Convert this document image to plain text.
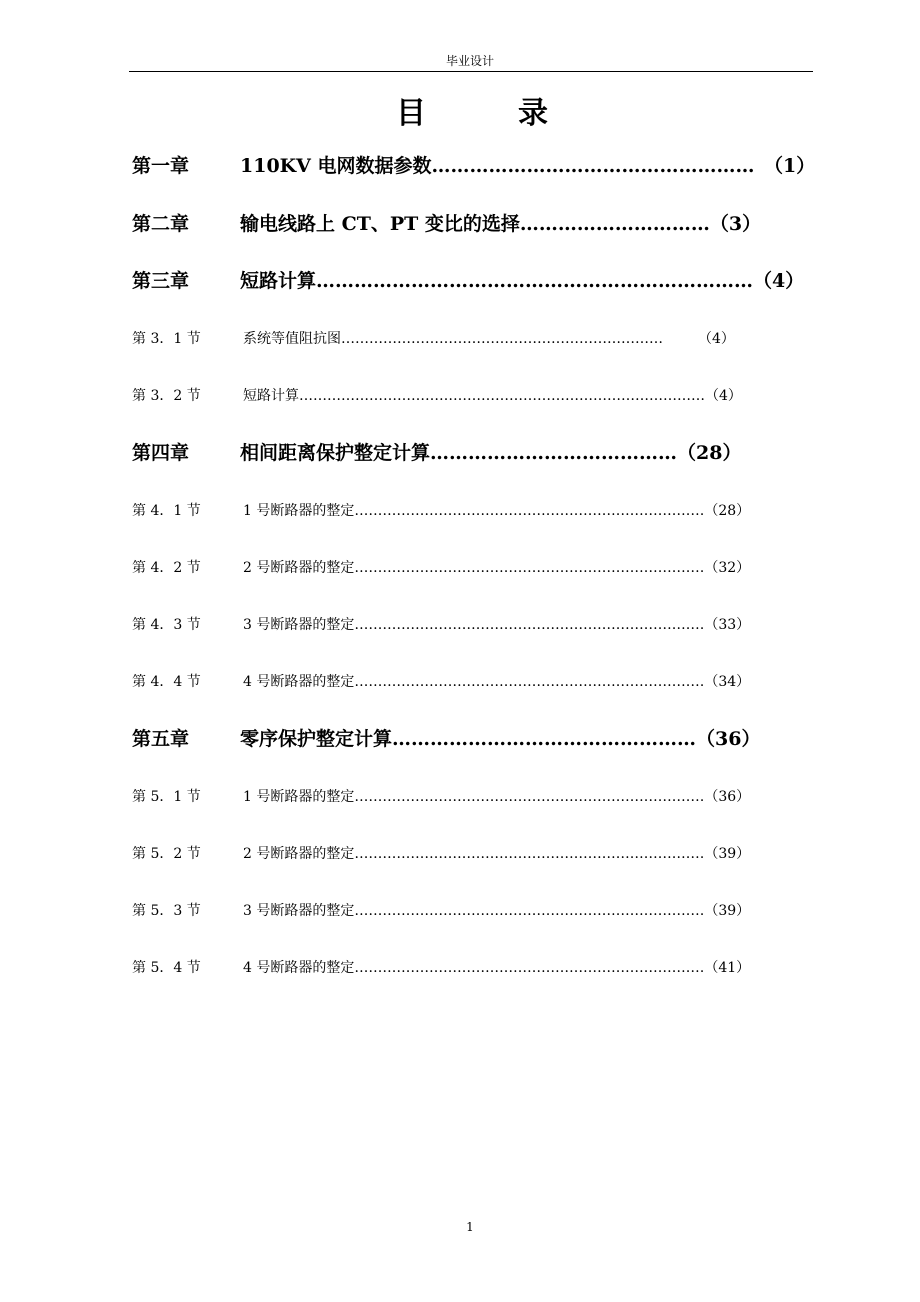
毕业设计
目	录
第一章	110KV 电网数据参数……………………………………………　（1）
第二章	输电线路上 CT、PT 变比的选择…………………………（3）
第三章	短路计算……………………………………………………………（4）
第 3．1 节	系统等值阻抗图……………………………………………………………　　　（4）
第 3．2 节	短路计算……………………………………………………………………………（4）
第四章	相间距离保护整定计算…………………………………（28）
第 4．1 节	1 号断路器的整定…………………………………………………………………（28）
第 4．2 节	2 号断路器的整定…………………………………………………………………（32）
第 4．3 节	3 号断路器的整定…………………………………………………………………（33）
第 4．4 节	4 号断路器的整定…………………………………………………………………（34）
第五章	零序保护整定计算…………………………………………（36）
第 5．1 节	1 号断路器的整定…………………………………………………………………（36）
第 5．2 节	2 号断路器的整定…………………………………………………………………（39）
第 5．3 节	3 号断路器的整定…………………………………………………………………（39）
第 5．4 节	4 号断路器的整定…………………………………………………………………（41）
1
